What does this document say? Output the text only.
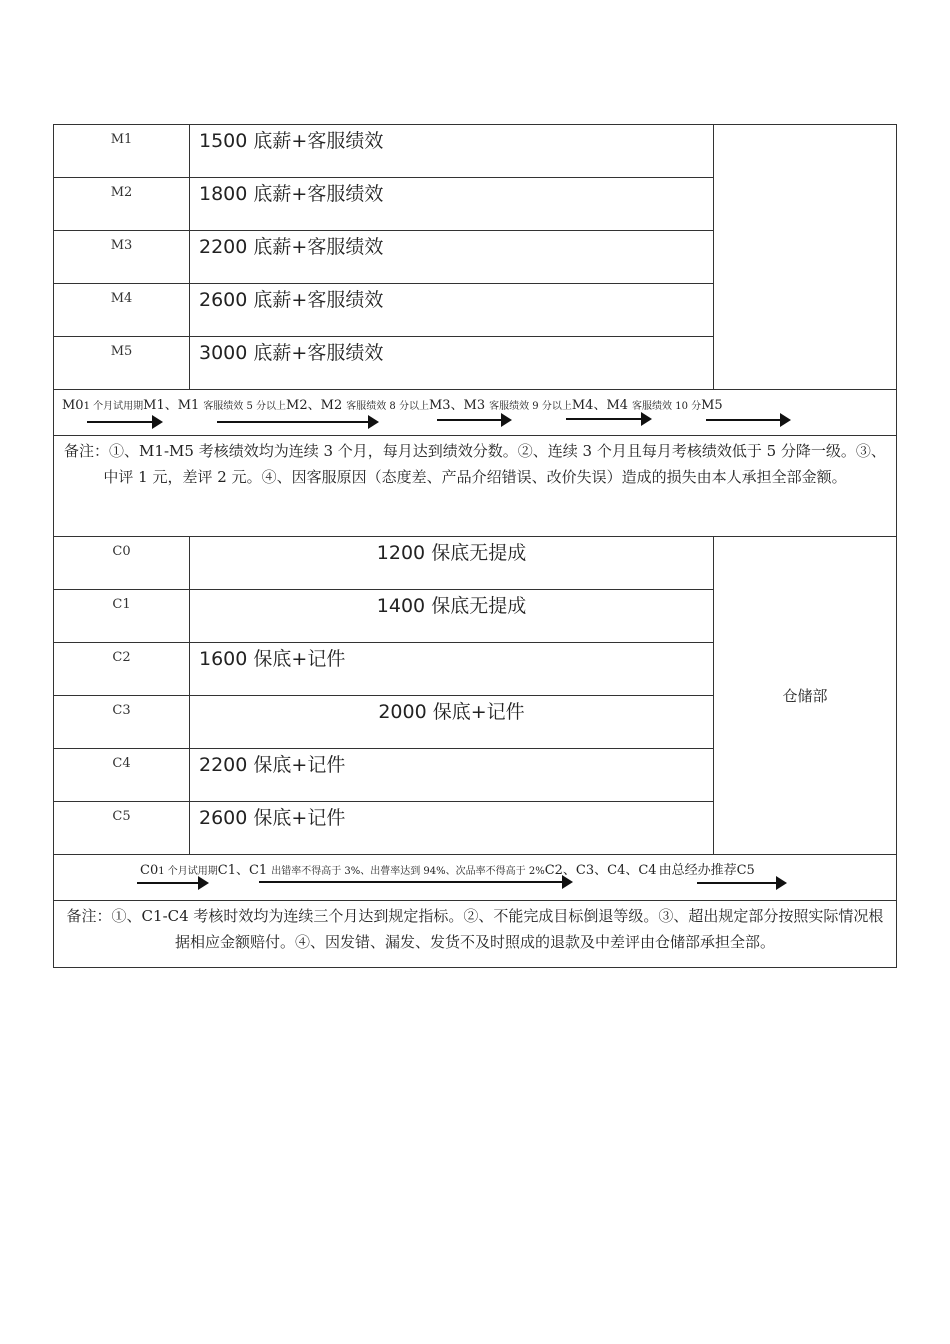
M1	1500 底薪+客服绩效	
M2	1800 底薪+客服绩效	
M3	2200 底薪+客服绩效	
M4	2600 底薪+客服绩效	
M5	3000 底薪+客服绩效	

M01 个月试用期M1、M1 客服绩效 5 分以上M2、M2 客服绩效 8 分以上M3、M3 客服绩效 9 分以上M4、M4 客服绩效 10 分M5		

备注：①、M1-M5 考核绩效均为连续 3 个月，每月达到绩效分数。②、连续 3 个月且每月考核绩效低于 5 分降一级。③、中评 1 元，差评 2 元。④、因客服原因（态度差、产品介绍错误、改价失误）造成的损失由本人承担全部金额。		
C0	1200 保底无提成	仓储部
C1	1400 保底无提成	
C2	1600 保底+记件	
C3	2000 保底+记件	
C4	2200 保底+记件	
C5	2600 保底+记件	

C01 个月试用期C1、C1 出错率不得高于 3%、出瞢率达到 94%、次品率不得高于 2%C2、C3、C4、C4 由总经办推荐C5		

备注：①、C1-C4 考核时效均为连续三个月达到规定指标。②、不能完成目标倒退等级。③、超出规定部分按照实际情况根据相应金额赔付。④、因发错、漏发、发货不及时照成的退款及中差评由仓储部承担全部。		
